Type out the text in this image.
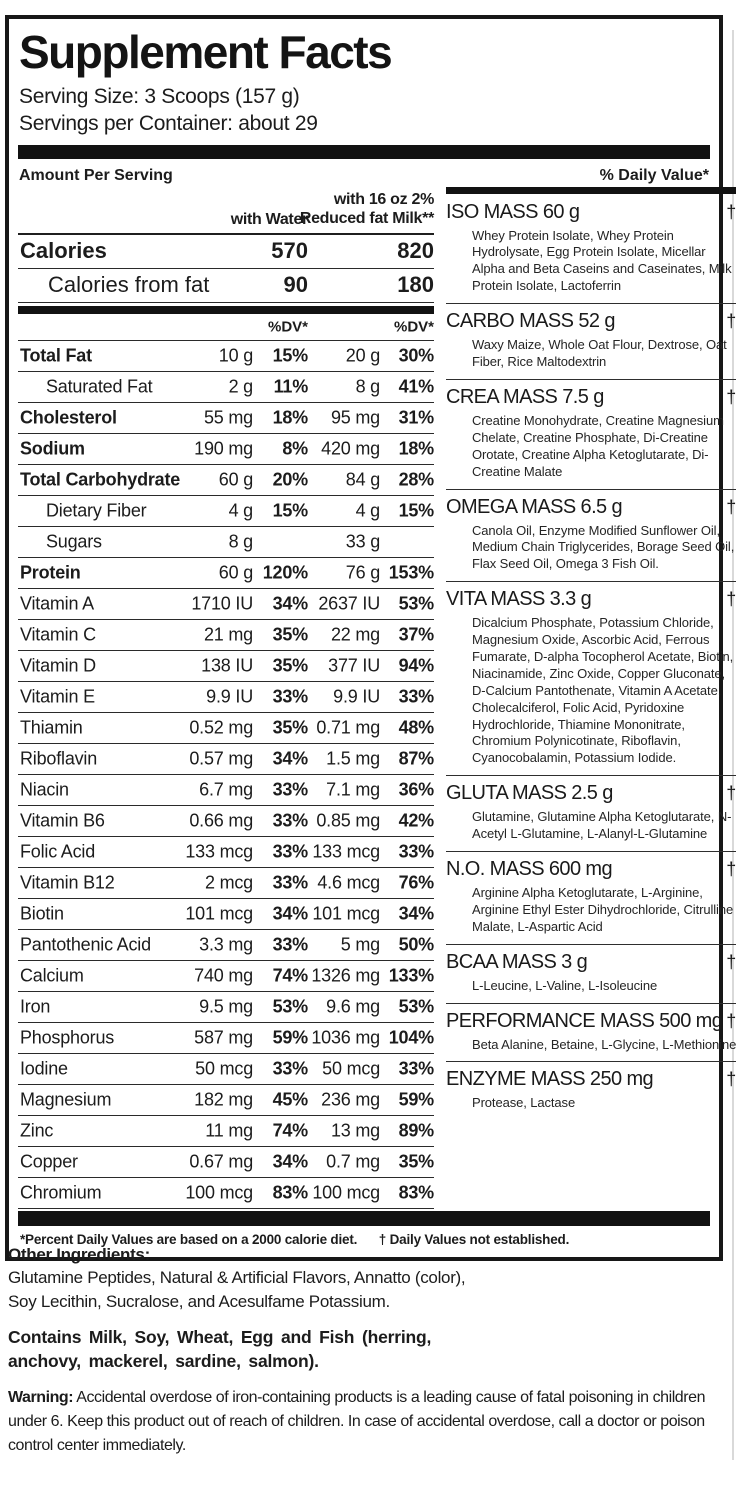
Supplement Facts
Serving Size: 3 Scoops (157 g)
Servings per Container: about 29
Amount Per Serving	% Daily Value*
with Water
with 16 oz 2%
Reduced fat Milk**
Calories	570	820
Calories from fat	90	180
%DV*	%DV*
Total Fat	10 g 15% 20 g 30%
Saturated Fat	2 g 11%	8 g 41%
Cholesterol	55 mg 18% 95 mg 31%
Sodium	190 mg 8% 420 mg 18%
Total Carbohydrate 60 g 20% 84 g 28%
Dietary Fiber	4 g 15%	4 g 15%
Sugars	8 g	33 g
Protein	60 g 120% 76 g 153%
Vitamin A	1710 IU 34% 2637 IU 53%
Vitamin C	21 mg 35% 22 mg 37%
Vitamin D	138 IU 35% 377 IU 94%
Vitamin E	9.9 IU 33% 9.9 IU 33%
Thiamin	0.52 mg 35% 0.71 mg 48%
Riboflavin	0.57 mg 34% 1.5 mg 87%
Niacin	6.7 mg 33% 7.1 mg 36%
Vitamin B6	0.66 mg 33% 0.85 mg 42%
Folic Acid	133 mcg 33% 133 mcg 33%
Vitamin B12	2 mcg 33% 4.6 mcg 76%
Biotin	101 mcg 34% 101 mcg 34%
Pantothenic Acid	3.3 mg 33% 5 mg 50%
Calcium	740 mg 74% 1326 mg 133%
Iron	9.5 mg 53% 9.6 mg 53%
Phosphorus	587 mg 59% 1036 mg 104%
Iodine	50 mcg 33% 50 mcg 33%
Magnesium	182 mg 45% 236 mg 59%
Zinc	11 mg 74% 13 mg 89%
Copper	0.67 mg 34% 0.7 mg 35%
Chromium	100 mcg 83% 100 mcg 83%
ISO MASS 60 g	†
Whey Protein Isolate, Whey Protein Hydrolysate, Egg Protein Isolate, Micellar Alpha and Beta Caseins and Caseinates, Milk Protein Isolate, Lactoferrin
CARBO MASS 52 g	†
Waxy Maize, Whole Oat Flour, Dextrose, Oat Fiber, Rice Maltodextrin
CREA MASS 7.5 g	†
Creatine Monohydrate, Creatine Magnesium Chelate, Creatine Phosphate, Di-Creatine Orotate, Creatine Alpha Ketoglutarate, Di-Creatine Malate
OMEGA MASS 6.5 g	†
Canola Oil, Enzyme Modified Sunflower Oil, Medium Chain Triglycerides, Borage Seed Oil, Flax Seed Oil, Omega 3 Fish Oil.
VITA MASS 3.3 g	†
Dicalcium Phosphate, Potassium Chloride, Magnesium Oxide, Ascorbic Acid, Ferrous Fumarate, D-alpha Tocopherol Acetate, Biotin, Niacinamide, Zinc Oxide, Copper Gluconate, D-Calcium Pantothenate, Vitamin A Acetate, Cholecalciferol, Folic Acid, Pyridoxine Hydrochloride, Thiamine Mononitrate, Chromium Polynicotinate, Riboflavin, Cyanocobalamin, Potassium Iodide.
GLUTA MASS 2.5 g	†
Glutamine, Glutamine Alpha Ketoglutarate, N-Acetyl L-Glutamine, L-Alanyl-L-Glutamine
N.O. MASS 600 mg	†
Arginine Alpha Ketoglutarate, L-Arginine, Arginine Ethyl Ester Dihydrochloride, Citrulline Malate, L-Aspartic Acid
BCAA MASS 3 g	†
L-Leucine, L-Valine, L-Isoleucine
PERFORMANCE MASS 500 mg †
Beta Alanine, Betaine, L-Glycine, L-Methionine
ENZYME MASS 250 mg	†
Protease, Lactase
*Percent Daily Values are based on a 2000 calorie diet. † Daily Values not established.
Other Ingredients:
Glutamine Peptides, Natural & Artificial Flavors, Annatto (color),
Soy Lecithin, Sucralose, and Acesulfame Potassium.
Contains Milk, Soy, Wheat, Egg and Fish (herring,
anchovy, mackerel, sardine, salmon).
Warning: Accidental overdose of iron-containing products is a leading cause of fatal poisoning in children under 6. Keep this product out of reach of children. In case of accidental overdose, call a doctor or poison control center immediately.
